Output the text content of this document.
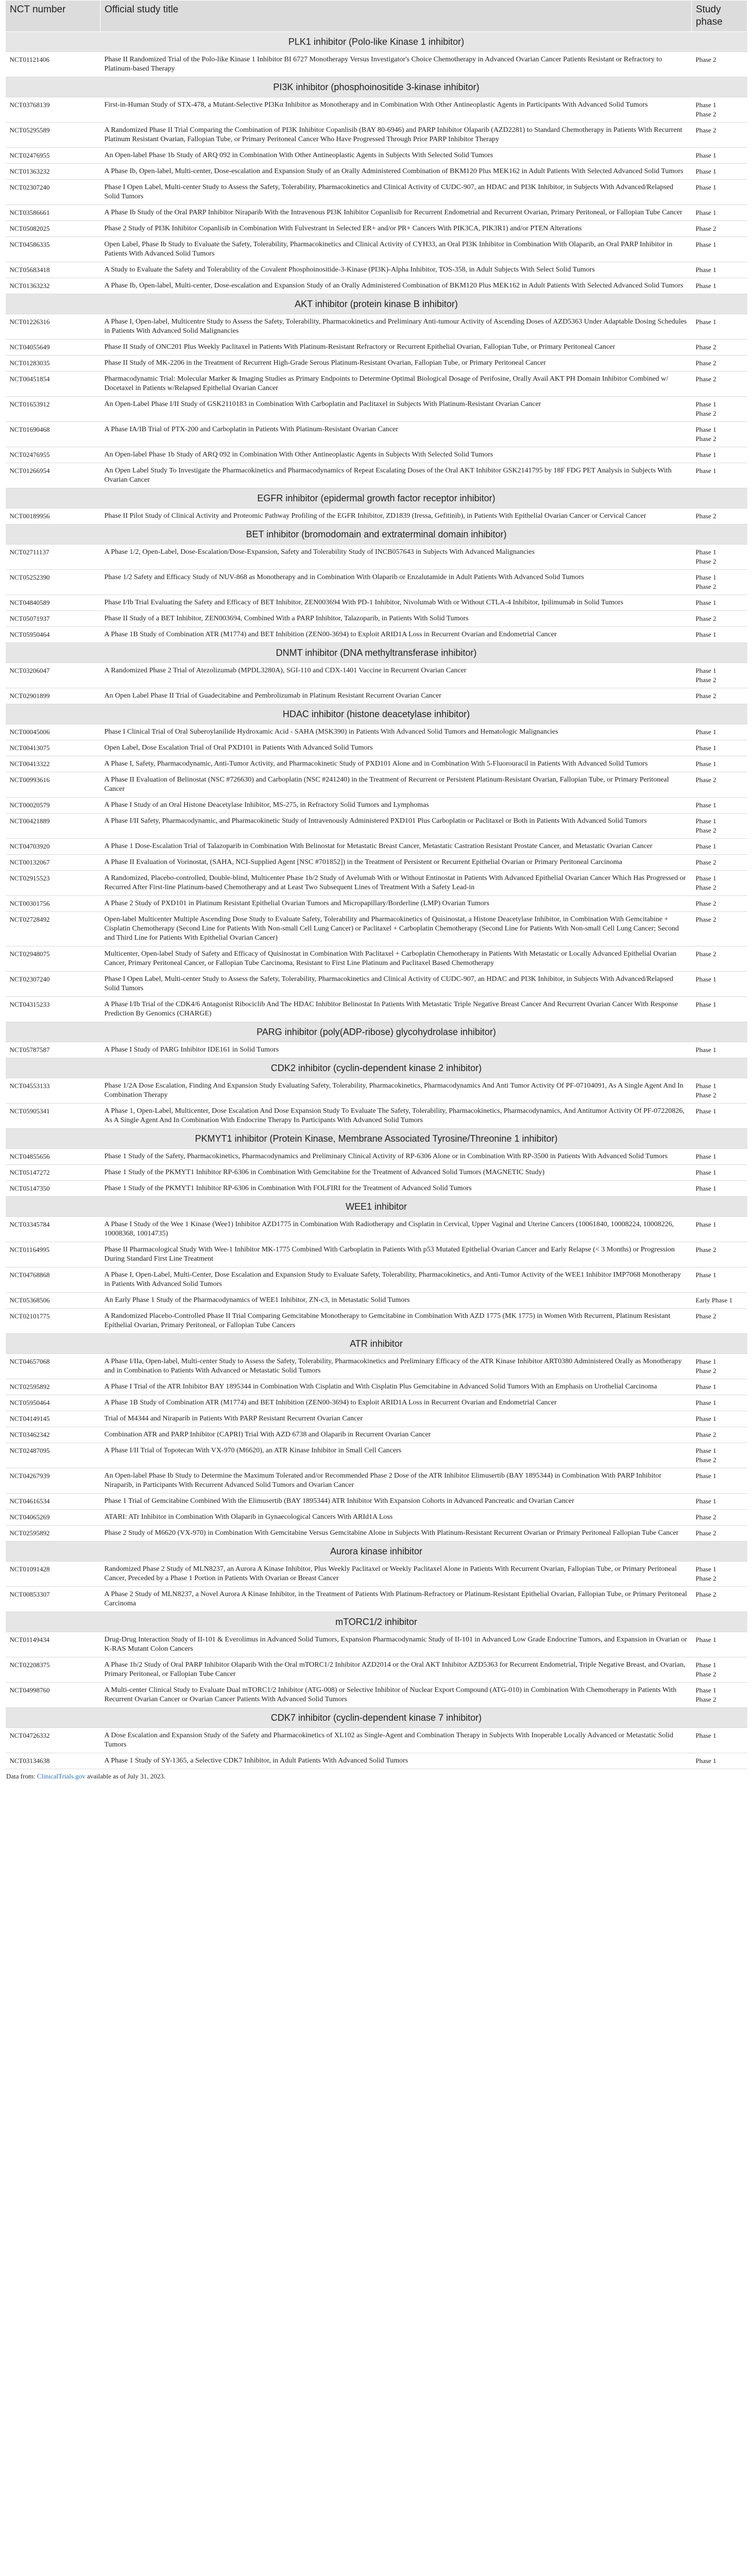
NCT number	Official study title	Study phase
PLK1 inhibitor (Polo-like Kinase 1 inhibitor)		
NCT01121406	Phase II Randomized Trial of the Polo-like Kinase 1 Inhibitor BI 6727 Monotherapy Versus Investigator's Choice Chemotherapy in Advanced Ovarian Cancer Patients Resistant or Refractory to Platinum-based Therapy	Phase 2
PI3K inhibitor (phosphoinositide 3-kinase inhibitor)		
NCT03768139	First-in-Human Study of STX-478, a Mutant-Selective PI3Kα Inhibitor as Monotherapy and in Combination With Other Antineoplastic Agents in Participants With Advanced Solid Tumors	Phase 1
Phase 2
NCT05295589	A Randomized Phase II Trial Comparing the Combination of PI3K Inhibitor Copanlisib (BAY 80-6946) and PARP Inhibitor Olaparib (AZD2281) to Standard Chemotherapy in Patients With Recurrent Platinum Resistant Ovarian, Fallopian Tube, or Primary Peritoneal Cancer Who Have Progressed Through Prior PARP Inhibitor Therapy	Phase 2
NCT02476955	An Open-label Phase 1b Study of ARQ 092 in Combination With Other Antineoplastic Agents in Subjects With Selected Solid Tumors	Phase 1
NCT01363232	A Phase Ib, Open-label, Multi-center, Dose-escalation and Expansion Study of an Orally Administered Combination of BKM120 Plus MEK162 in Adult Patients With Selected Advanced Solid Tumors	Phase 1
NCT02307240	Phase I Open Label, Multi-center Study to Assess the Safety, Tolerability, Pharmacokinetics and Clinical Activity of CUDC-907, an HDAC and PI3K Inhibitor, in Subjects With Advanced/Relapsed Solid Tumors	Phase 1
NCT03586661	A Phase Ib Study of the Oral PARP Inhibitor Niraparib With the Intravenous PI3K Inhibitor Copanlisib for Recurrent Endometrial and Recurrent Ovarian, Primary Peritoneal, or Fallopian Tube Cancer	Phase 1
NCT05082025	Phase 2 Study of PI3K Inhibitor Copanlisib in Combination With Fulvestrant in Selected ER+ and/or PR+ Cancers With PIK3CA, PIK3R1) and/or PTEN Alterations	Phase 2
NCT04586335	Open Label, Phase Ib Study to Evaluate the Safety, Tolerability, Pharmacokinetics and Clinical Activity of CYH33, an Oral PI3K Inhibitor in Combination With Olaparib, an Oral PARP Inhibitor in Patients With Advanced Solid Tumors	Phase 1
NCT05683418	A Study to Evaluate the Safety and Tolerability of the Covalent Phosphoinositide-3-Kinase (PI3K)-Alpha Inhibitor, TOS-358, in Adult Subjects With Select Solid Tumors	Phase 1
NCT01363232	A Phase Ib, Open-label, Multi-center, Dose-escalation and Expansion Study of an Orally Administered Combination of BKM120 Plus MEK162 in Adult Patients With Selected Advanced Solid Tumors	Phase 1
AKT inhibitor (protein kinase B inhibitor)		
NCT01226316	A Phase I, Open-label, Multicentre Study to Assess the Safety, Tolerability, Pharmacokinetics and Preliminary Anti-tumour Activity of Ascending Doses of AZD5363 Under Adaptable Dosing Schedules in Patients With Advanced Solid Malignancies	Phase 1
NCT04055649	Phase II Study of ONC201 Plus Weekly Paclitaxel in Patients With Platinum-Resistant Refractory or Recurrent Epithelial Ovarian, Fallopian Tube, or Primary Peritoneal Cancer	Phase 2
NCT01283035	Phase II Study of MK-2206 in the Treatment of Recurrent High-Grade Serous Platinum-Resistant Ovarian, Fallopian Tube, or Primary Peritoneal Cancer	Phase 2
NCT00451854	Pharmacodynamic Trial: Molecular Marker & Imaging Studies as Primary Endpoints to Determine Optimal Biological Dosage of Perifosine, Orally Avail AKT PH Domain Inhibitor Combined w/ Docetaxel in Patients w/Relapsed Epithelial Ovarian Cancer	Phase 2
NCT01653912	An Open-Label Phase I/II Study of GSK2110183 in Combination With Carboplatin and Paclitaxel in Subjects With Platinum-Resistant Ovarian Cancer	Phase 1
Phase 2
NCT01690468	A Phase IA/IB Trial of PTX-200 and Carboplatin in Patients With Platinum-Resistant Ovarian Cancer	Phase 1
Phase 2
NCT02476955	An Open-label Phase 1b Study of ARQ 092 in Combination With Other Antineoplastic Agents in Subjects With Selected Solid Tumors	Phase 1
NCT01266954	An Open Label Study To Investigate the Pharmacokinetics and Pharmacodynamics of Repeat Escalating Doses of the Oral AKT Inhibitor GSK2141795 by 18F FDG PET Analysis in Subjects With Ovarian Cancer	Phase 1
EGFR inhibitor (epidermal growth factor receptor inhibitor)		
NCT00189956	Phase II Pilot Study of Clinical Activity and Proteomic Pathway Profiling of the EGFR Inhibitor, ZD1839 (Iressa, Gefitinib), in Patients With Epithelial Ovarian Cancer or Cervical Cancer	Phase 2
BET inhibitor (bromodomain and extraterminal domain inhibitor)		
NCT02711137	A Phase 1/2, Open-Label, Dose-Escalation/Dose-Expansion, Safety and Tolerability Study of INCB057643 in Subjects With Advanced Malignancies	Phase 1
Phase 2
NCT05252390	Phase 1/2 Safety and Efficacy Study of NUV-868 as Monotherapy and in Combination With Olaparib or Enzalutamide in Adult Patients With Advanced Solid Tumors	Phase 1
Phase 2
NCT04840589	Phase I/Ib Trial Evaluating the Safety and Efficacy of BET Inhibitor, ZEN003694 With PD-1 Inhibitor, Nivolumab With or Without CTLA-4 Inhibitor, Ipilimumab in Solid Tumors	Phase 1
NCT05071937	Phase II Study of a BET Inhibitor, ZEN003694, Combined With a PARP Inhibitor, Talazoparib, in Patients With Solid Tumors	Phase 2
NCT05950464	A Phase 1B Study of Combination ATR (M1774) and BET Inhibition (ZEN00-3694) to Exploit ARID1A Loss in Recurrent Ovarian and Endometrial Cancer	Phase 1
DNMT inhibitor (DNA methyltransferase inhibitor)		
NCT03206047	A Randomized Phase 2 Trial of Atezolizumab (MPDL3280A), SGI-110 and CDX-1401 Vaccine in Recurrent Ovarian Cancer	Phase 1
Phase 2
NCT02901899	An Open Label Phase II Trial of Guadecitabine and Pembrolizumab in Platinum Resistant Recurrent Ovarian Cancer	Phase 2
HDAC inhibitor (histone deacetylase inhibitor)		
NCT00045006	Phase I Clinical Trial of Oral Suberoylanilide Hydroxamic Acid - SAHA (MSK390) in Patients With Advanced Solid Tumors and Hematologic Malignancies	Phase 1
NCT00413075	Open Label, Dose Escalation Trial of Oral PXD101 in Patients With Advanced Solid Tumors	Phase 1
NCT00413322	A Phase I, Safety, Pharmacodynamic, Anti-Tumor Activity, and Pharmacokinetic Study of PXD101 Alone and in Combination With 5-Fluorouracil in Patients With Advanced Solid Tumors	Phase 1
NCT00993616	A Phase II Evaluation of Belinostat (NSC #726630) and Carboplatin (NSC #241240) in the Treatment of Recurrent or Persistent Platinum-Resistant Ovarian, Fallopian Tube, or Primary Peritoneal Cancer	Phase 2
NCT00020579	A Phase I Study of an Oral Histone Deacetylase Inhibitor, MS-275, in Refractory Solid Tumors and Lymphomas	Phase 1
NCT00421889	A Phase I/II Safety, Pharmacodynamic, and Pharmacokinetic Study of Intravenously Administered PXD101 Plus Carboplatin or Paclitaxel or Both in Patients With Advanced Solid Tumors	Phase 1
Phase 2
NCT04703920	A Phase 1 Dose-Escalation Trial of Talazoparib in Combination With Belinostat for Metastatic Breast Cancer, Metastatic Castration Resistant Prostate Cancer, and Metastatic Ovarian Cancer	Phase 1
NCT00132067	A Phase II Evaluation of Vorinostat, (SAHA, NCI-Supplied Agent [NSC #701852]) in the Treatment of Persistent or Recurrent Epithelial Ovarian or Primary Peritoneal Carcinoma	Phase 2
NCT02915523	A Randomized, Placebo-controlled, Double-blind, Multicenter Phase 1b/2 Study of Avelumab With or Without Entinostat in Patients With Advanced Epithelial Ovarian Cancer Which Has Progressed or Recurred After First-line Platinum-based Chemotherapy and at Least Two Subsequent Lines of Treatment With a Safety Lead-in	Phase 1
Phase 2
NCT00301756	A Phase 2 Study of PXD101 in Platinum Resistant Epithelial Ovarian Tumors and Micropapillary/Borderline (LMP) Ovarian Tumors	Phase 2
NCT02728492	Open-label Multicenter Multiple Ascending Dose Study to Evaluate Safety, Tolerability and Pharmacokinetics of Quisinostat, a Histone Deacetylase Inhibitor, in Combination With Gemcitabine + Cisplatin Chemotherapy (Second Line for Patients With Non-small Cell Lung Cancer) or Paclitaxel + Carboplatin Chemotherapy (Second Line for Patients With Non-small Cell Lung Cancer; Second and Third Line for Patients With Epithelial Ovarian Cancer)	Phase 2
NCT02948075	Multicenter, Open-label Study of Safety and Efficacy of Quisinostat in Combination With Paclitaxel + Carboplatin Chemotherapy in Patients With Metastatic or Locally Advanced Epithelial Ovarian Cancer, Primary Peritoneal Cancer, or Fallopian Tube Carcinoma, Resistant to First Line Platinum and Paclitaxel Based Chemotherapy	Phase 2
NCT02307240	Phase I Open Label, Multi-center Study to Assess the Safety, Tolerability, Pharmacokinetics and Clinical Activity of CUDC-907, an HDAC and PI3K Inhibitor, in Subjects With Advanced/Relapsed Solid Tumors	Phase 1
NCT04315233	A Phase I/Ib Trial of the CDK4/6 Antagonist Ribociclib And The HDAC Inhibitor Belinostat In Patients With Metastatic Triple Negative Breast Cancer And Recurrent Ovarian Cancer With Response Prediction By Genomics (CHARGE)	Phase 1
PARG inhibitor (poly(ADP-ribose) glycohydrolase inhibitor)		
NCT05787587	A Phase I Study of PARG Inhibitor IDE161 in Solid Tumors	Phase 1
CDK2 inhibitor (cyclin-dependent kinase 2 inhibitor)		
NCT04553133	Phase 1/2A Dose Escalation, Finding And Expansion Study Evaluating Safety, Tolerability, Pharmacokinetics, Pharmacodynamics And Anti Tumor Activity Of PF-07104091, As A Single Agent And In Combination Therapy	Phase 1
Phase 2
NCT05905341	A Phase 1, Open-Label, Multicenter, Dose Escalation And Dose Expansion Study To Evaluate The Safety, Tolerability, Pharmacokinetics, Pharmacodynamics, And Antitumor Activity Of PF-07220826, As A Single Agent And In Combination With Endocrine Therapy In Participants With Advanced Solid Tumors	Phase 1
PKMYT1 inhibitor (Protein Kinase, Membrane Associated Tyrosine/Threonine 1 inhibitor)		
NCT04855656	Phase 1 Study of the Safety, Pharmacokinetics, Pharmacodynamics and Preliminary Clinical Activity of RP-6306 Alone or in Combination With RP-3500 in Patients With Advanced Solid Tumors	Phase 1
NCT05147272	Phase 1 Study of the PKMYT1 Inhibitor RP-6306 in Combination With Gemcitabine for the Treatment of Advanced Solid Tumors (MAGNETIC Study)	Phase 1
NCT05147350	Phase 1 Study of the PKMYT1 Inhibitor RP-6306 in Combination With FOLFIRI for the Treatment of Advanced Solid Tumors	Phase 1
WEE1 inhibitor		
NCT03345784	A Phase I Study of the Wee 1 Kinase (Wee1) Inhibitor AZD1775 in Combination With Radiotherapy and Cisplatin in Cervical, Upper Vaginal and Uterine Cancers (10061840, 10008224, 10008226, 10008368, 10014735)	Phase 1
NCT01164995	Phase II Pharmacological Study With Wee-1 Inhibitor MK-1775 Combined With Carboplatin in Patients With p53 Mutated Epithelial Ovarian Cancer and Early Relapse (< 3 Months) or Progression During Standard First Line Treatment	Phase 2
NCT04768868	A Phase I, Open-Label, Multi-Center, Dose Escalation and Expansion Study to Evaluate Safety, Tolerability, Pharmacokinetics, and Anti-Tumor Activity of the WEE1 Inhibitor IMP7068 Monotherapy in Patients With Advanced Solid Tumors	Phase 1
NCT05368506	An Early Phase 1 Study of the Pharmacodynamics of WEE1 Inhibitor, ZN-c3, in Metastatic Solid Tumors	Early Phase 1
NCT02101775	A Randomized Placebo-Controlled Phase II Trial Comparing Gemcitabine Monotherapy to Gemcitabine in Combination With AZD 1775 (MK 1775) in Women With Recurrent, Platinum Resistant Epithelial Ovarian, Primary Peritoneal, or Fallopian Tube Cancers	Phase 2
ATR inhibitor		
NCT04657068	A Phase I/IIa, Open-label, Multi-center Study to Assess the Safety, Tolerability, Pharmacokinetics and Preliminary Efficacy of the ATR Kinase Inhibitor ART0380 Administered Orally as Monotherapy and in Combination to Patients With Advanced or Metastatic Solid Tumors	Phase 1
Phase 2
NCT02595892	A Phase I Trial of the ATR Inhibitor BAY 1895344 in Combination With Cisplatin and With Cisplatin Plus Gemcitabine in Advanced Solid Tumors With an Emphasis on Urothelial Carcinoma	Phase 1
NCT05950464	A Phase 1B Study of Combination ATR (M1774) and BET Inhibition (ZEN00-3694) to Exploit ARID1A Loss in Recurrent Ovarian and Endometrial Cancer	Phase 1
NCT04149145	Trial of M4344 and Niraparib in Patients With PARP Resistant Recurrent Ovarian Cancer	Phase 1
NCT03462342	Combination ATR and PARP Inhibitor (CAPRI) Trial With AZD 6738 and Olaparib in Recurrent Ovarian Cancer	Phase 2
NCT02487095	A Phase I/II Trial of Topotecan With VX-970 (M6620), an ATR Kinase Inhibitor in Small Cell Cancers	Phase 1
Phase 2
NCT04267939	An Open-label Phase Ib Study to Determine the Maximum Tolerated and/or Recommended Phase 2 Dose of the ATR Inhibitor Elimusertib (BAY 1895344) in Combination With PARP Inhibitor Niraparib, in Participants With Recurrent Advanced Solid Tumors and Ovarian Cancer	Phase 1
NCT04616534	Phase 1 Trial of Gemcitabine Combined With the Elimusertib (BAY 1895344) ATR Inhibitor With Expansion Cohorts in Advanced Pancreatic and Ovarian Cancer	Phase 1
NCT04065269	ATARI: ATr Inhibitor in Combination With Olaparib in Gynaecological Cancers With ARId1A Loss	Phase 2
NCT02595892	Phase 2 Study of M6620 (VX-970) in Combination With Gemcitabine Versus Gemcitabine Alone in Subjects With Platinum-Resistant Recurrent Ovarian or Primary Peritoneal Fallopian Tube Cancer	Phase 2
Aurora kinase inhibitor		
NCT01091428	Randomized Phase 2 Study of MLN8237, an Aurora A Kinase Inhibitor, Plus Weekly Paclitaxel or Weekly Paclitaxel Alone in Patients With Recurrent Ovarian, Fallopian Tube, or Primary Peritoneal Cancer, Preceded by a Phase 1 Portion in Patients With Ovarian or Breast Cancer	Phase 1
Phase 2
NCT00853307	A Phase 2 Study of MLN8237, a Novel Aurora A Kinase Inhibitor, in the Treatment of Patients With Platinum-Refractory or Platinum-Resistant Epithelial Ovarian, Fallopian Tube, or Primary Peritoneal Carcinoma	Phase 2
mTORC1/2 inhibitor		
NCT01149434	Drug-Drug Interaction Study of II-101 & Everolimus in Advanced Solid Tumors, Expansion Pharmacodynamic Study of II-101 in Advanced Low Grade Endocrine Tumors, and Expansion in Ovarian or K-RAS Mutant Colon Cancers	Phase 1
NCT02208375	A Phase 1b/2 Study of Oral PARP Inhibitor Olaparib With the Oral mTORC1/2 Inhibitor AZD2014 or the Oral AKT Inhibitor AZD5363 for Recurrent Endometrial, Triple Negative Breast, and Ovarian, Primary Peritoneal, or Fallopian Tube Cancer	Phase 1
Phase 2
NCT04998760	A Multi-center Clinical Study to Evaluate Dual mTORC1/2 Inhibitor (ATG-008) or Selective Inhibitor of Nuclear Export Compound (ATG-010) in Combination With Chemotherapy in Patients With Recurrent Ovarian Cancer or Ovarian Cancer Patients With Advanced Solid Tumors	Phase 1
Phase 2
CDK7 inhibitor (cyclin-dependent kinase 7 inhibitor)		
NCT04726332	A Dose Escalation and Expansion Study of the Safety and Pharmacokinetics of XL102 as Single-Agent and Combination Therapy in Subjects With Inoperable Locally Advanced or Metastatic Solid Tumors	Phase 1
NCT03134638	A Phase 1 Study of SY-1365, a Selective CDK7 Inhibitor, in Adult Patients With Advanced Solid Tumors	Phase 1
Data from: ClinicalTrials.gov available as of July 31, 2023.
